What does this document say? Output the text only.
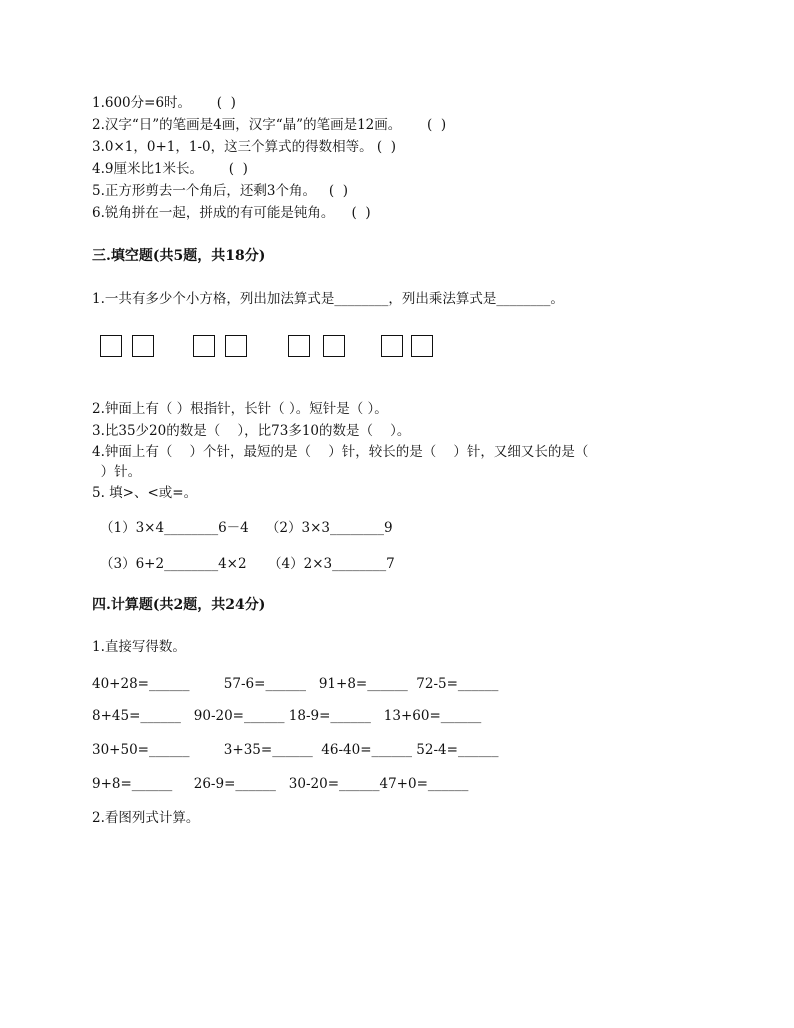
1.600分=6时。      (  )
2.汉字“日”的笔画是4画，汉字“晶”的笔画是12画。      (  )
3.0×1，0+1，1-0，这三个算式的得数相等。 (  )
4.9厘米比1米长。      (  )
5.正方形剪去一个角后，还剩3个角。   (  )
6.锐角拼在一起，拼成的有可能是钝角。    (  )
三.填空题(共5题，共18分)
1.一共有多少个小方格，列出加法算式是________，列出乘法算式是________。
2.钟面上有（ ）根指针，长针（ ）。短针是（ ）。
3.比35少20的数是（    ），比73多10的数是（    ）。
4.钟面上有（    ）个针，最短的是（    ）针，较长的是（    ）针，又细又长的是（
）针。
5. 填>、<或=。
（1）3×4________6－4    （2）3×3________9
（3）6+2________4×2     （4）2×3________7
四.计算题(共2题，共24分)
1.直接写得数。
40+28=______        57-6=______   91+8=______  72-5=______
8+45=______   90-20=______ 18-9=______   13+60=______
30+50=______        3+35=______  46-40=______ 52-4=______
9+8=______     26-9=______   30-20=______47+0=______
2.看图列式计算。
